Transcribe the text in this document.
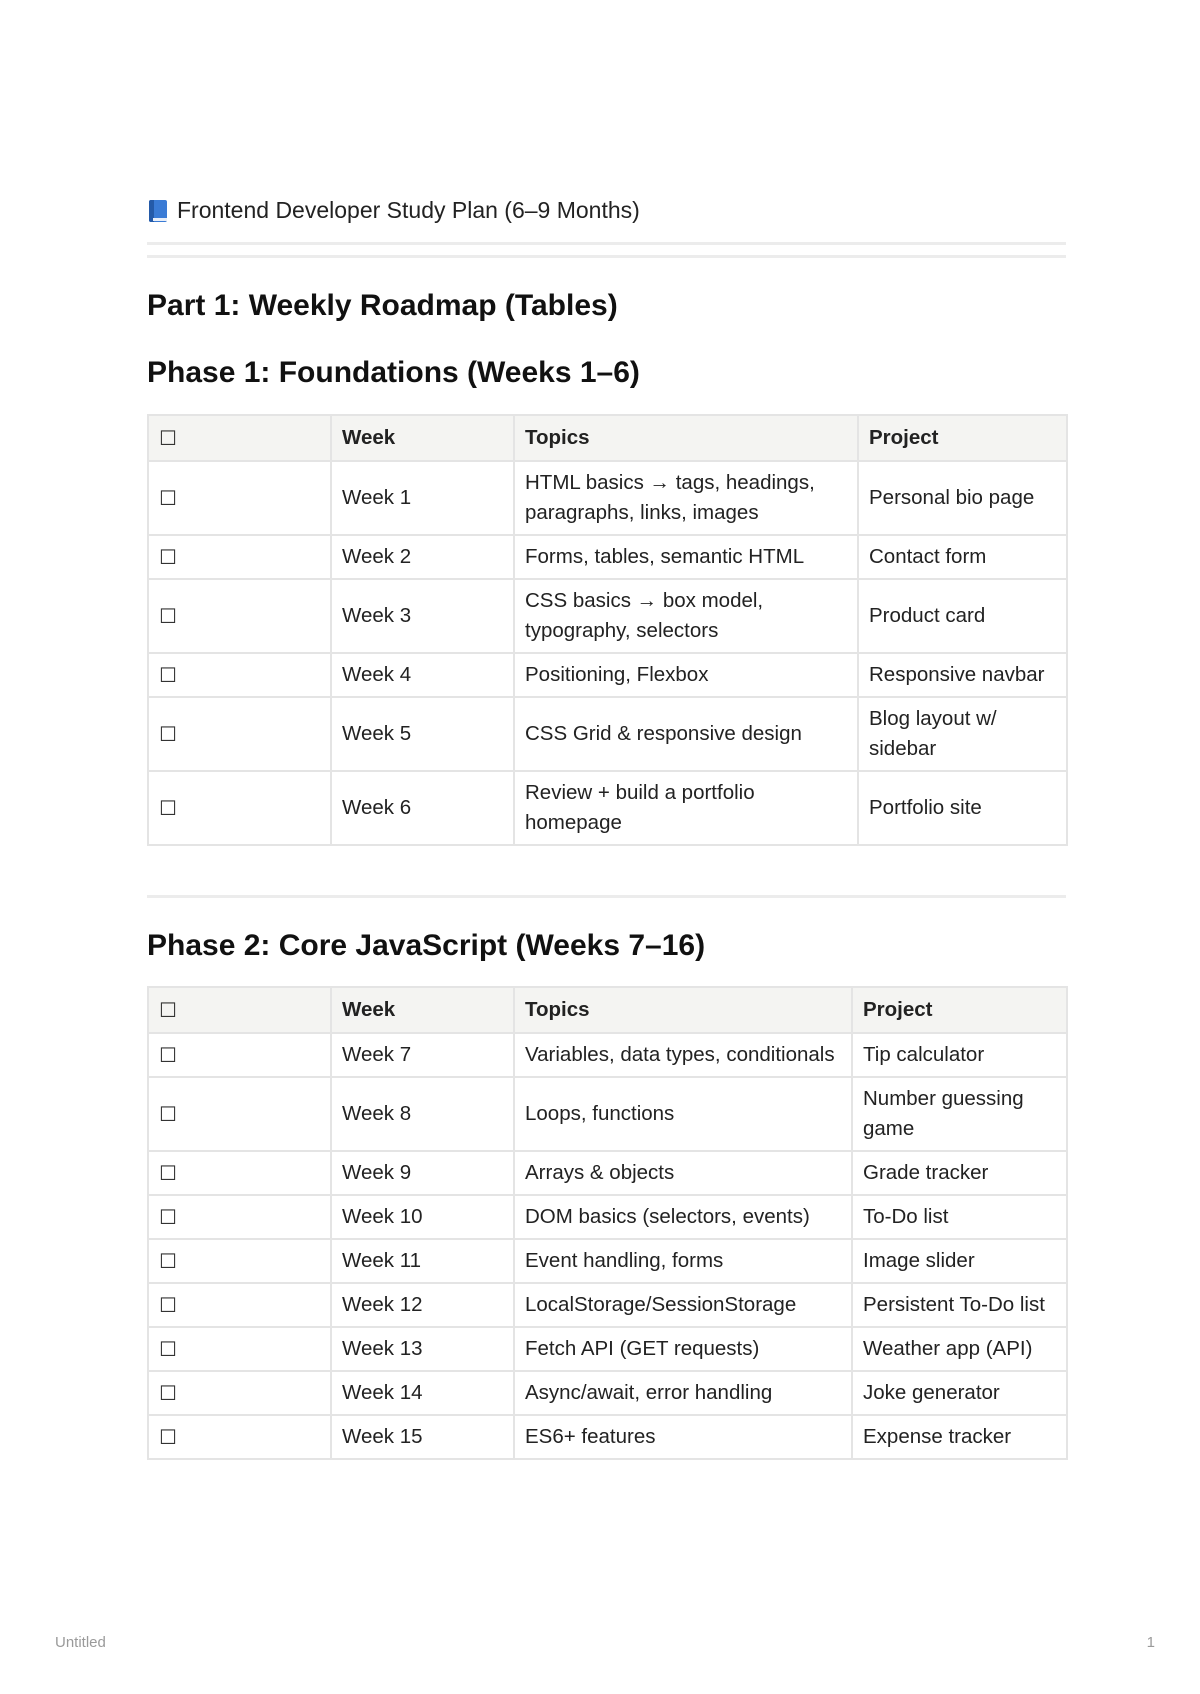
Frontend Developer Study Plan (6–9 Months)
Part 1: Weekly Roadmap (Tables)
Phase 1: Foundations (Weeks 1–6)
☐	Week	Topics	Project
☐	Week 1	HTML basics → tags, headings, paragraphs, links, images	Personal bio page
☐	Week 2	Forms, tables, semantic HTML	Contact form
☐	Week 3	CSS basics → box model, typography, selectors	Product card
☐	Week 4	Positioning, Flexbox	Responsive navbar
☐	Week 5	CSS Grid & responsive design	Blog layout w/ sidebar
☐	Week 6	Review + build a portfolio homepage	Portfolio site
Phase 2: Core JavaScript (Weeks 7–16)
☐	Week	Topics	Project
☐	Week 7	Variables, data types, conditionals	Tip calculator
☐	Week 8	Loops, functions	Number guessing game
☐	Week 9	Arrays & objects	Grade tracker
☐	Week 10	DOM basics (selectors, events)	To-Do list
☐	Week 11	Event handling, forms	Image slider
☐	Week 12	LocalStorage/SessionStorage	Persistent To-Do list
☐	Week 13	Fetch API (GET requests)	Weather app (API)
☐	Week 14	Async/await, error handling	Joke generator
☐	Week 15	ES6+ features	Expense tracker
Untitled	1
